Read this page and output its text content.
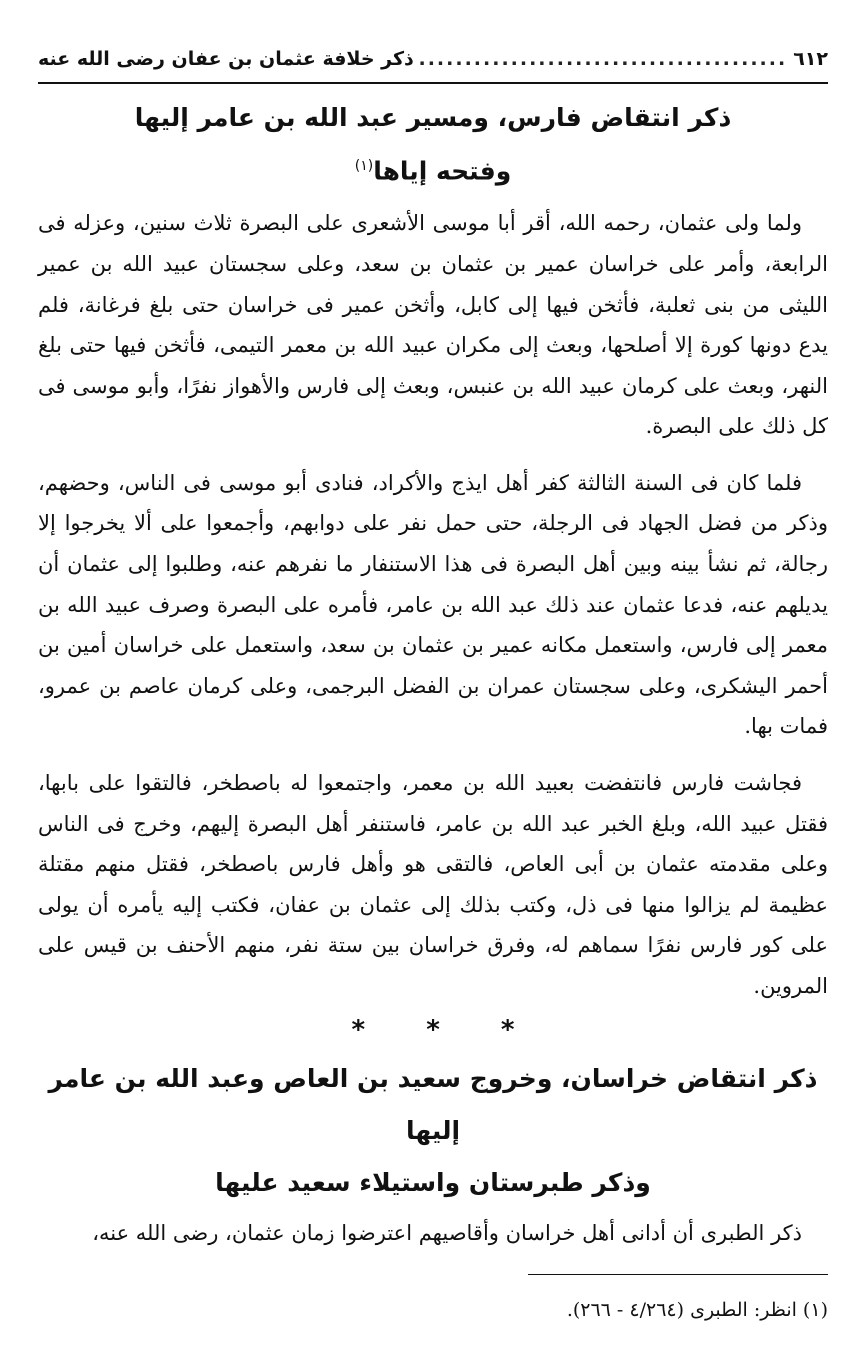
٦١٢
.....
ذكر خلافة عثمان بن عفان رضى الله عنه
ذكر انتقاض فارس، ومسير عبد الله بن عامر إليها
وفتحه إياها$^{(١)}$

ولما ولى عثمان، رحمه الله، أقر أبا موسى الأشعرى على البصرة ثلاث سنين، وعزله فى الرابعة، وأمر على خراسان عمير بن عثمان بن سعد، وعلى سجستان عبيد الله بن عمير الليثى من بنى ثعلبة، فأثخن فيها إلى كابل، وأثخن عمير فى خراسان حتى بلغ فرغانة، فلم يدع دونها كورة إلا أصلحها، وبعث إلى مكران عبيد الله بن معمر التيمى، فأثخن فيها حتى بلغ النهر، وبعث على كرمان عبيد الله بن عنبس، وبعث إلى فارس والأهواز نفرًا، وأبو موسى فى كل ذلك على البصرة.

فلما كان فى السنة الثالثة كفر أهل ايذج والأكراد، فنادى أبو موسى فى الناس، وحضهم، وذكر من فضل الجهاد فى الرجلة، حتى حمل نفر على دوابهم، وأجمعوا على ألا يخرجوا إلا رجالة، ثم نشأ بينه وبين أهل البصرة فى هذا الاستنفار ما نفرهم عنه، وطلبوا إلى عثمان أن يديلهم عنه، فدعا عثمان عند ذلك عبد الله بن عامر، فأمره على البصرة وصرف عبيد الله بن معمر إلى فارس، واستعمل مكانه عمير بن عثمان بن سعد، واستعمل على خراسان أمين بن أحمر اليشكرى، وعلى سجستان عمران بن الفضل البرجمى، وعلى كرمان عاصم بن عمرو، فمات بها.

فجاشت فارس فانتفضت بعبيد الله بن معمر، واجتمعوا له باصطخر، فالتقوا على بابها، فقتل عبيد الله، وبلغ الخبر عبد الله بن عامر، فاستنفر أهل البصرة إليهم، وخرج فى الناس وعلى مقدمته عثمان بن أبى العاص، فالتقى هو وأهل فارس باصطخر، فقتل منهم مقتلة عظيمة لم يزالوا منها فى ذل، وكتب بذلك إلى عثمان بن عفان، فكتب إليه يأمره أن يولى على كور فارس نفرًا سماهم له، وفرق خراسان بين ستة نفر، منهم الأحنف بن قيس على المروين.

* * *
ذكر انتقاض خراسان، وخروج سعيد بن العاص وعبد الله بن عامر إليها
وذكر طبرستان واستيلاء سعيد عليها

ذكر الطبرى أن أدانى أهل خراسان وأقاصيهم اعترضوا زمان عثمان، رضى الله عنه،

(١) انظر: الطبرى (٤/٢٦٤ - ٢٦٦).
